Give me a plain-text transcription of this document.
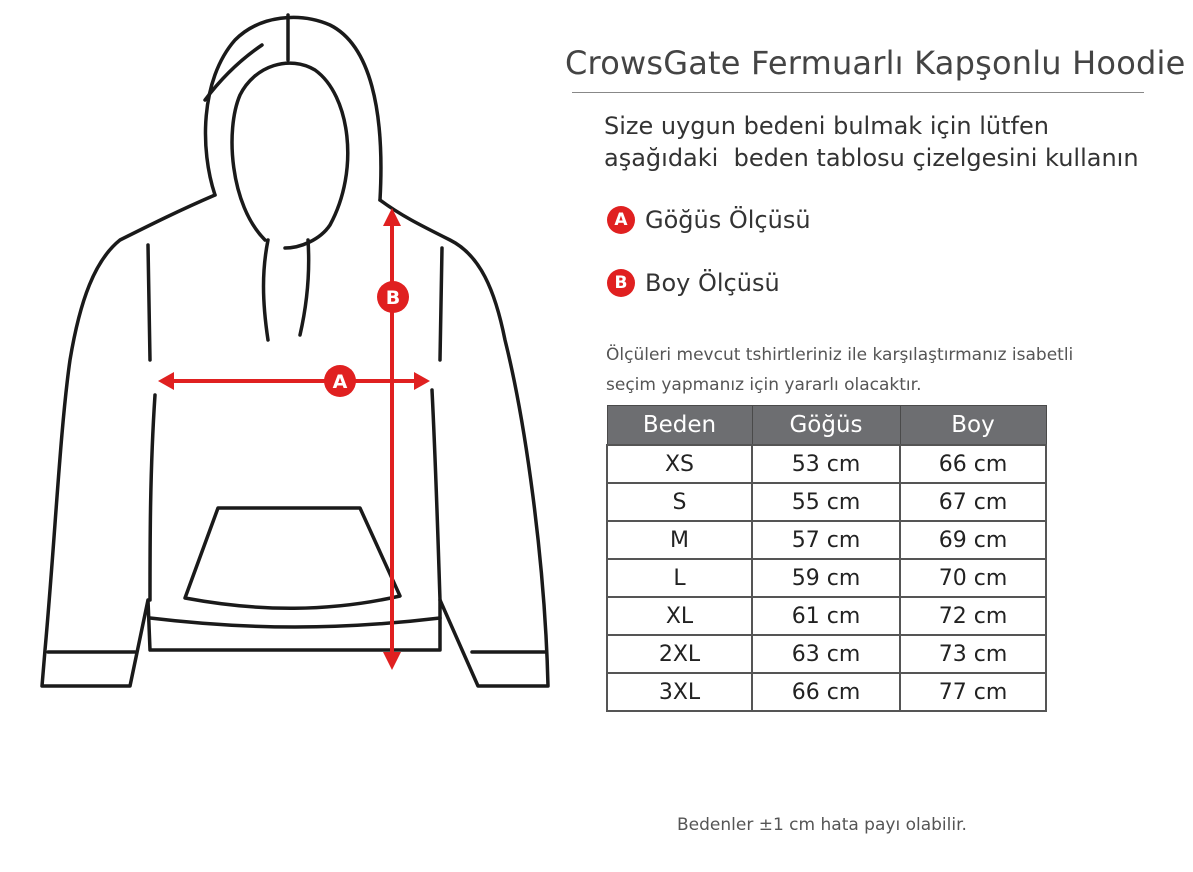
A
B
CrowsGate Fermuarlı Kapşonlu Hoodie
Size uygun bedeni bulmak için lütfen
aşağıdaki  beden tablosu çizelgesini kullanın
A Göğüs Ölçüsü
B Boy Ölçüsü
Ölçüleri mevcut tshirtleriniz ile karşılaştırmanız isabetli
seçim yapmanız için yararlı olacaktır.
Beden	Göğüs	Boy
XS	53 cm	66 cm
S	55 cm	67 cm
M	57 cm	69 cm
L	59 cm	70 cm
XL	61 cm	72 cm
2XL	63 cm	73 cm
3XL	66 cm	77 cm
Bedenler ±1 cm hata payı olabilir.
